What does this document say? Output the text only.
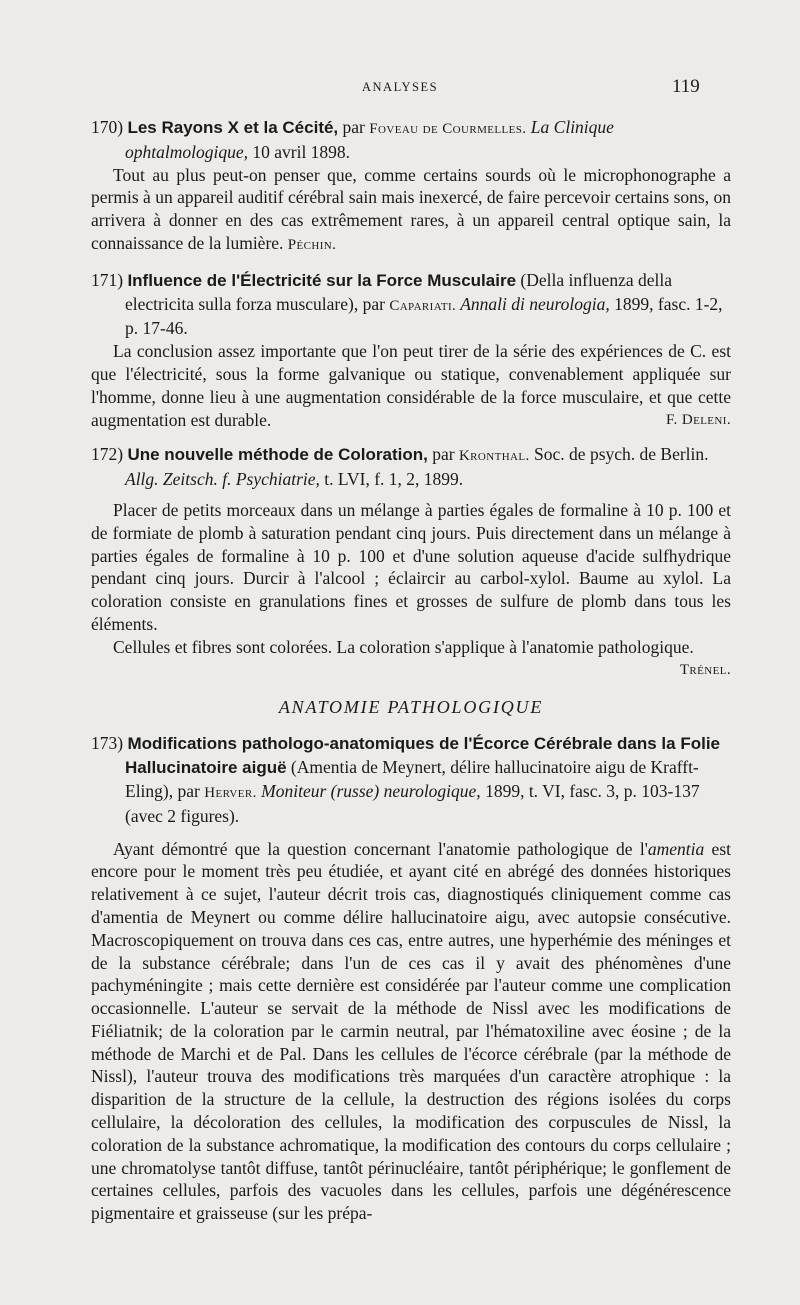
ANALYSES	119

170) Les Rayons X et la Cécité, par Foveau de Courmelles. La Clinique ophtalmologique, 10 avril 1898.

Tout au plus peut-on penser que, comme certains sourds où le microphonographe a permis à un appareil auditif cérébral sain mais inexercé, de faire percevoir certains sons, on arrivera à donner en des cas extrêmement rares, à un appareil central optique sain, la connaissance de la lumière. Péchin.

171) Influence de l'Électricité sur la Force Musculaire (Della influenza della electricita sulla forza musculare), par Capariati. Annali di neurologia, 1899, fasc. 1-2, p. 17-46.

La conclusion assez importante que l'on peut tirer de la série des expériences de C. est que l'électricité, sous la forme galvanique ou statique, convenablement appliquée sur l'homme, donne lieu à une augmentation considérable de la force musculaire, et que cette augmentation est durable.	F. Deleni.

172) Une nouvelle méthode de Coloration, par Kronthal. Soc. de psych. de Berlin. Allg. Zeitsch. f. Psychiatrie, t. LVI, f. 1, 2, 1899.

Placer de petits morceaux dans un mélange à parties égales de formaline à 10 p. 100 et de formiate de plomb à saturation pendant cinq jours. Puis directement dans un mélange à parties égales de formaline à 10 p. 100 et d'une solution aqueuse d'acide sulfhydrique pendant cinq jours. Durcir à l'alcool ; éclaircir au carbol-xylol. Baume au xylol. La coloration consiste en granulations fines et grosses de sulfure de plomb dans tous les éléments.

Cellules et fibres sont colorées. La coloration s'applique à l'anatomie pathologique.
Trénel.

ANATOMIE PATHOLOGIQUE

173) Modifications pathologo-anatomiques de l'Écorce Cérébrale dans la Folie Hallucinatoire aiguë (Amentia de Meynert, délire hallucinatoire aigu de Krafft- Eling), par Herver. Moniteur (russe) neurologique, 1899, t. VI, fasc. 3, p. 103-137 (avec 2 figures).

Ayant démontré que la question concernant l'anatomie pathologique de l'amentia est encore pour le moment très peu étudiée, et ayant cité en abrégé des données historiques relativement à ce sujet, l'auteur décrit trois cas, diagnostiqués cliniquement comme cas d'amentia de Meynert ou comme délire hallucinatoire aigu, avec autopsie consécutive. Macroscopiquement on trouva dans ces cas, entre autres, une hyperhémie des méninges et de la substance cérébrale; dans l'un de ces cas il y avait des phénomènes d'une pachyméningite ; mais cette dernière est considérée par l'auteur comme une complication occasionnelle. L'auteur se servait de la méthode de Nissl avec les modifications de Fiéliatnik; de la coloration par le carmin neutral, par l'hématoxiline avec éosine ; de la méthode de Marchi et de Pal. Dans les cellules de l'écorce cérébrale (par la méthode de Nissl), l'auteur trouva des modifications très marquées d'un caractère atrophique : la disparition de la structure de la cellule, la destruction des régions isolées du corps cellulaire, la décoloration des cellules, la modification des corpuscules de Nissl, la coloration de la substance achromatique, la modification des contours du corps cellulaire ; une chromatolyse tantôt diffuse, tantôt périnucléaire, tantôt périphérique; le gonflement de certaines cellules, parfois des vacuoles dans les cellules, parfois une dégénérescence pigmentaire et graisseuse (sur les prépa-
